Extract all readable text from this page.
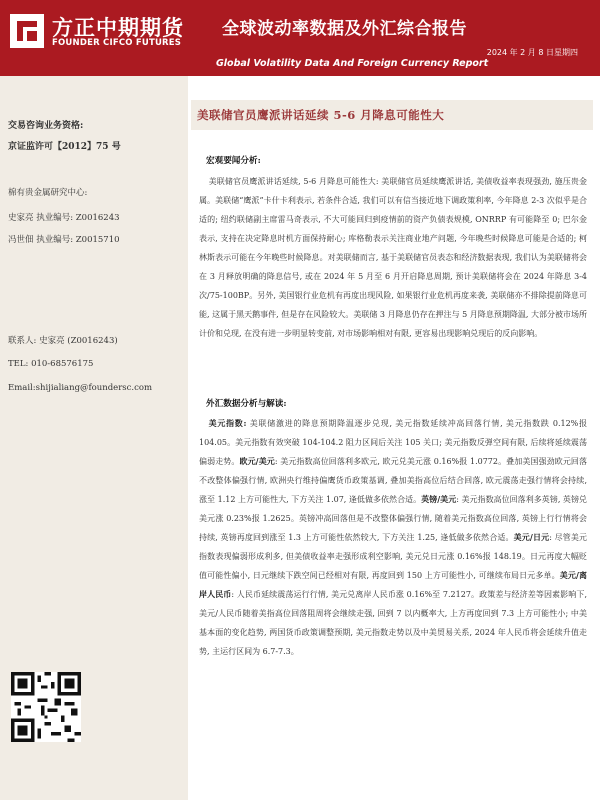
方正中期期货
FOUNDER CIFCO FUTURES
全球波动率数据及外汇综合报告
2024 年 2 月 8 日星期四
Global Volatility Data And Foreign Currency Report
交易咨询业务资格:
京证监许可【2012】75 号
棉有贵金属研究中心:
史家亮 执业编号: Z0016243
冯世佃 执业编号: Z0015710
联系人: 史家亮 (Z0016243)
TEL: 010-68576175
Email:shijialiang@foundersc.com
美联储官员鹰派讲话延续 5-6 月降息可能性大
宏观要闻分析:

美联储官员鹰派讲话延续, 5-6 月降息可能性大: 美联储官员延续鹰派讲话, 美债收益率表现强劲, 施压贵金属。美联储“鹰派”卡什卡利表示, 若条件合适, 我们可以有信当接近地下调政策利率, 今年降息 2-3 次似乎是合适的; 纽约联储副主席雷马奇表示, 不大可能回归到疫情前的资产负债表规模, ONRRP 有可能降至 0; 巴尔金表示, 支持在决定降息时机方面保持耐心; 库格勒表示关注商业地产问题, 今年晚些时候降息可能是合适的; 柯林斯表示可能在今年晚些时候降息。对美联储而言, 基于美联储官员表态和经济数据表现, 我们认为美联储将会在 3 月释放明确的降息信号, 或在 2024 年 5 月至 6 月开启降息周期, 预计美联储将会在 2024 年降息 3-4 次/75-100BP。另外, 美国银行业危机有再度出现风险, 如果银行业危机再度来袭, 美联储亦不排除提前降息可能, 这属于黑天鹅事件, 但是存在风险较大。美联储 3 月降息仍存在押注与 5 月降息预期降温, 大部分被市场所计价和兑现, 在没有进一步明显转变前, 对市场影响相对有限, 更容易出现影响兑现后的反向影响。

外汇数据分析与解读:

美元指数: 美联储激进的降息预期降温逐步兑现, 美元指数延续冲高回落行情, 美元指数跌 0.12%报 104.05。美元指数有效突破 104-104.2 阻力区间后关注 105 关口; 美元指数反弹空间有限, 后续将延续震荡偏弱走势。欧元/美元: 美元指数高位回落利多欧元, 欧元兑美元涨 0.16%报 1.0772。叠加美国强劲欧元回落不改整体偏强行情, 欧洲央行维持偏鹰货币政策基调, 叠加美指高位后结合回落, 欧元震荡走强行情将会持续, 涨至 1.12 上方可能性大, 下方关注 1.07, 逢低做多依然合适。英镑/美元: 美元指数高位回落利多英镑, 英镑兑美元涨 0.23%报 1.2625。英镑冲高回落但是不改整体偏强行情, 随着美元指数高位回落, 英镑上行行情将会持续, 英镑再度回到涨至 1.3 上方可能性依然较大, 下方关注 1.25, 逢低做多依然合适。美元/日元: 尽管美元指数表现偏弱形成利多, 但美债收益率走强形成利空影响, 美元兑日元涨 0.16%报 148.19。日元再度大幅贬值可能性偏小, 日元继续下跌空间已经相对有限, 再度回到 150 上方可能性小, 可继续布局日元多单。美元/离岸人民币: 人民币延续震荡运行行情, 美元兑离岸人民币涨 0.16%至 7.2127。政策差与经济差等因素影响下, 美元/人民币随着美指高位回落阻周将会继续走强, 回到 7 以内概率大, 上方再度回到 7.3 上方可能性小; 中美基本面的变化趋势, 两国货币政策调整预期, 美元指数走势以及中美贸易关系, 2024 年人民币将会延续升值走势, 主运行区间为 6.7-7.3。
